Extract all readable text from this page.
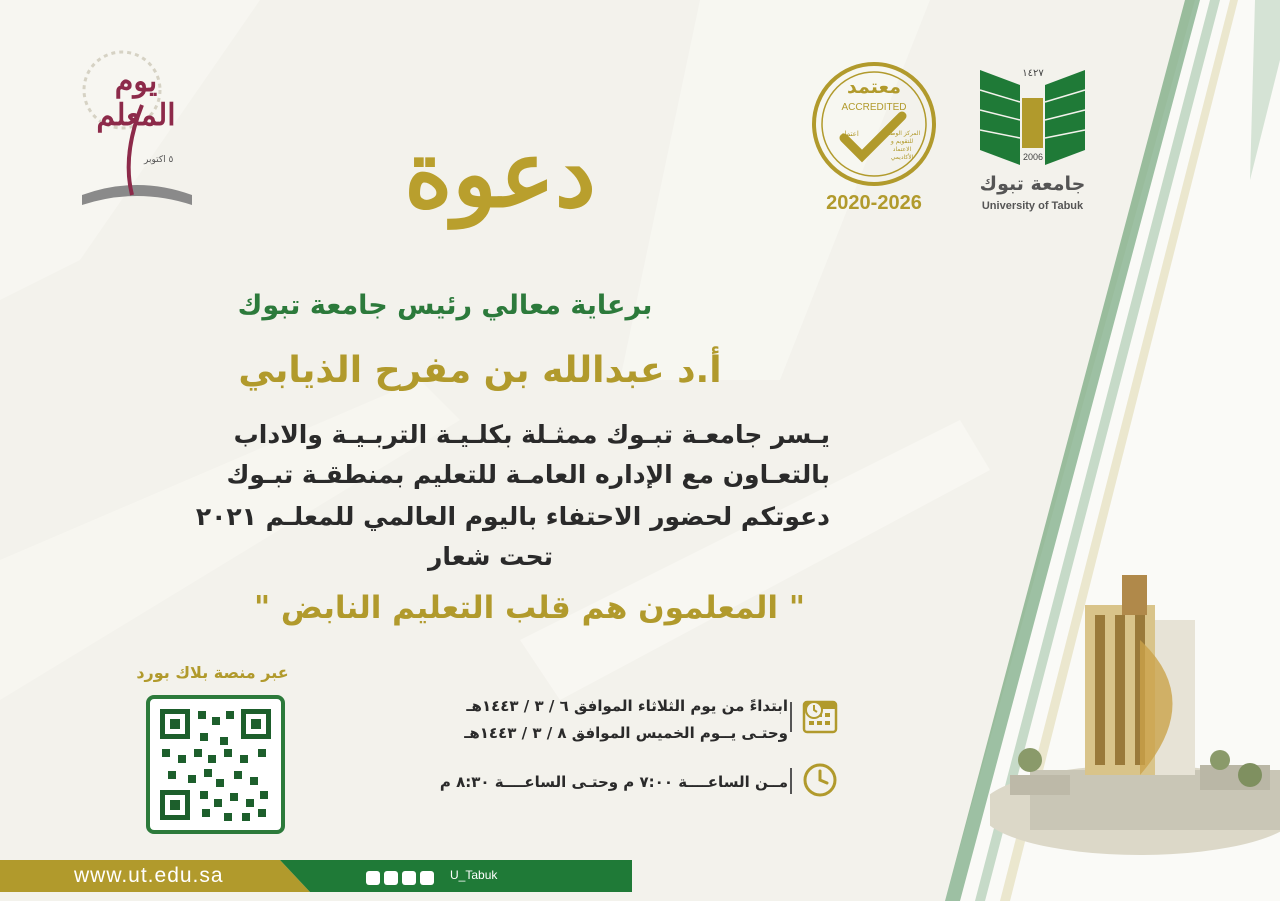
يوم المعلم
٥ اكتوبر	دعوة
معتمد
ACCREDITED
اعتماد	المركز الوطني للتقويم و الاعتماد الأكاديمي
2020-2026
١٤٢٧
2006
جامعة تبوك
University of Tabuk
برعاية معالي رئيس جامعة تبوك
أ.د عبدالله بن مفرح الذيابي
يـسر جامعـة تبـوك ممثـلة بكلـيـة التربـيـة والاداب
بالتعـاون مع الإداره العامـة للتعليم بمنطقـة تبـوك
دعوتكم لحضور الاحتفاء باليوم العالمي للمعلـم ٢٠٢١
تحت شعار
" المعلمون هم قلب التعليم النابض "
عبر منصة بلاك بورد
ابتداءً من يوم الثلاثاء الموافق ٦ / ٣ / ١٤٤٣هـ
وحتـى يــوم الخميس الموافق ٨ / ٣ / ١٤٤٣هـ
مــن الساعــــة ٧:٠٠ م وحتـى الساعــــة ٨:٣٠ م
www.ut.edu.sa	U_Tabuk
